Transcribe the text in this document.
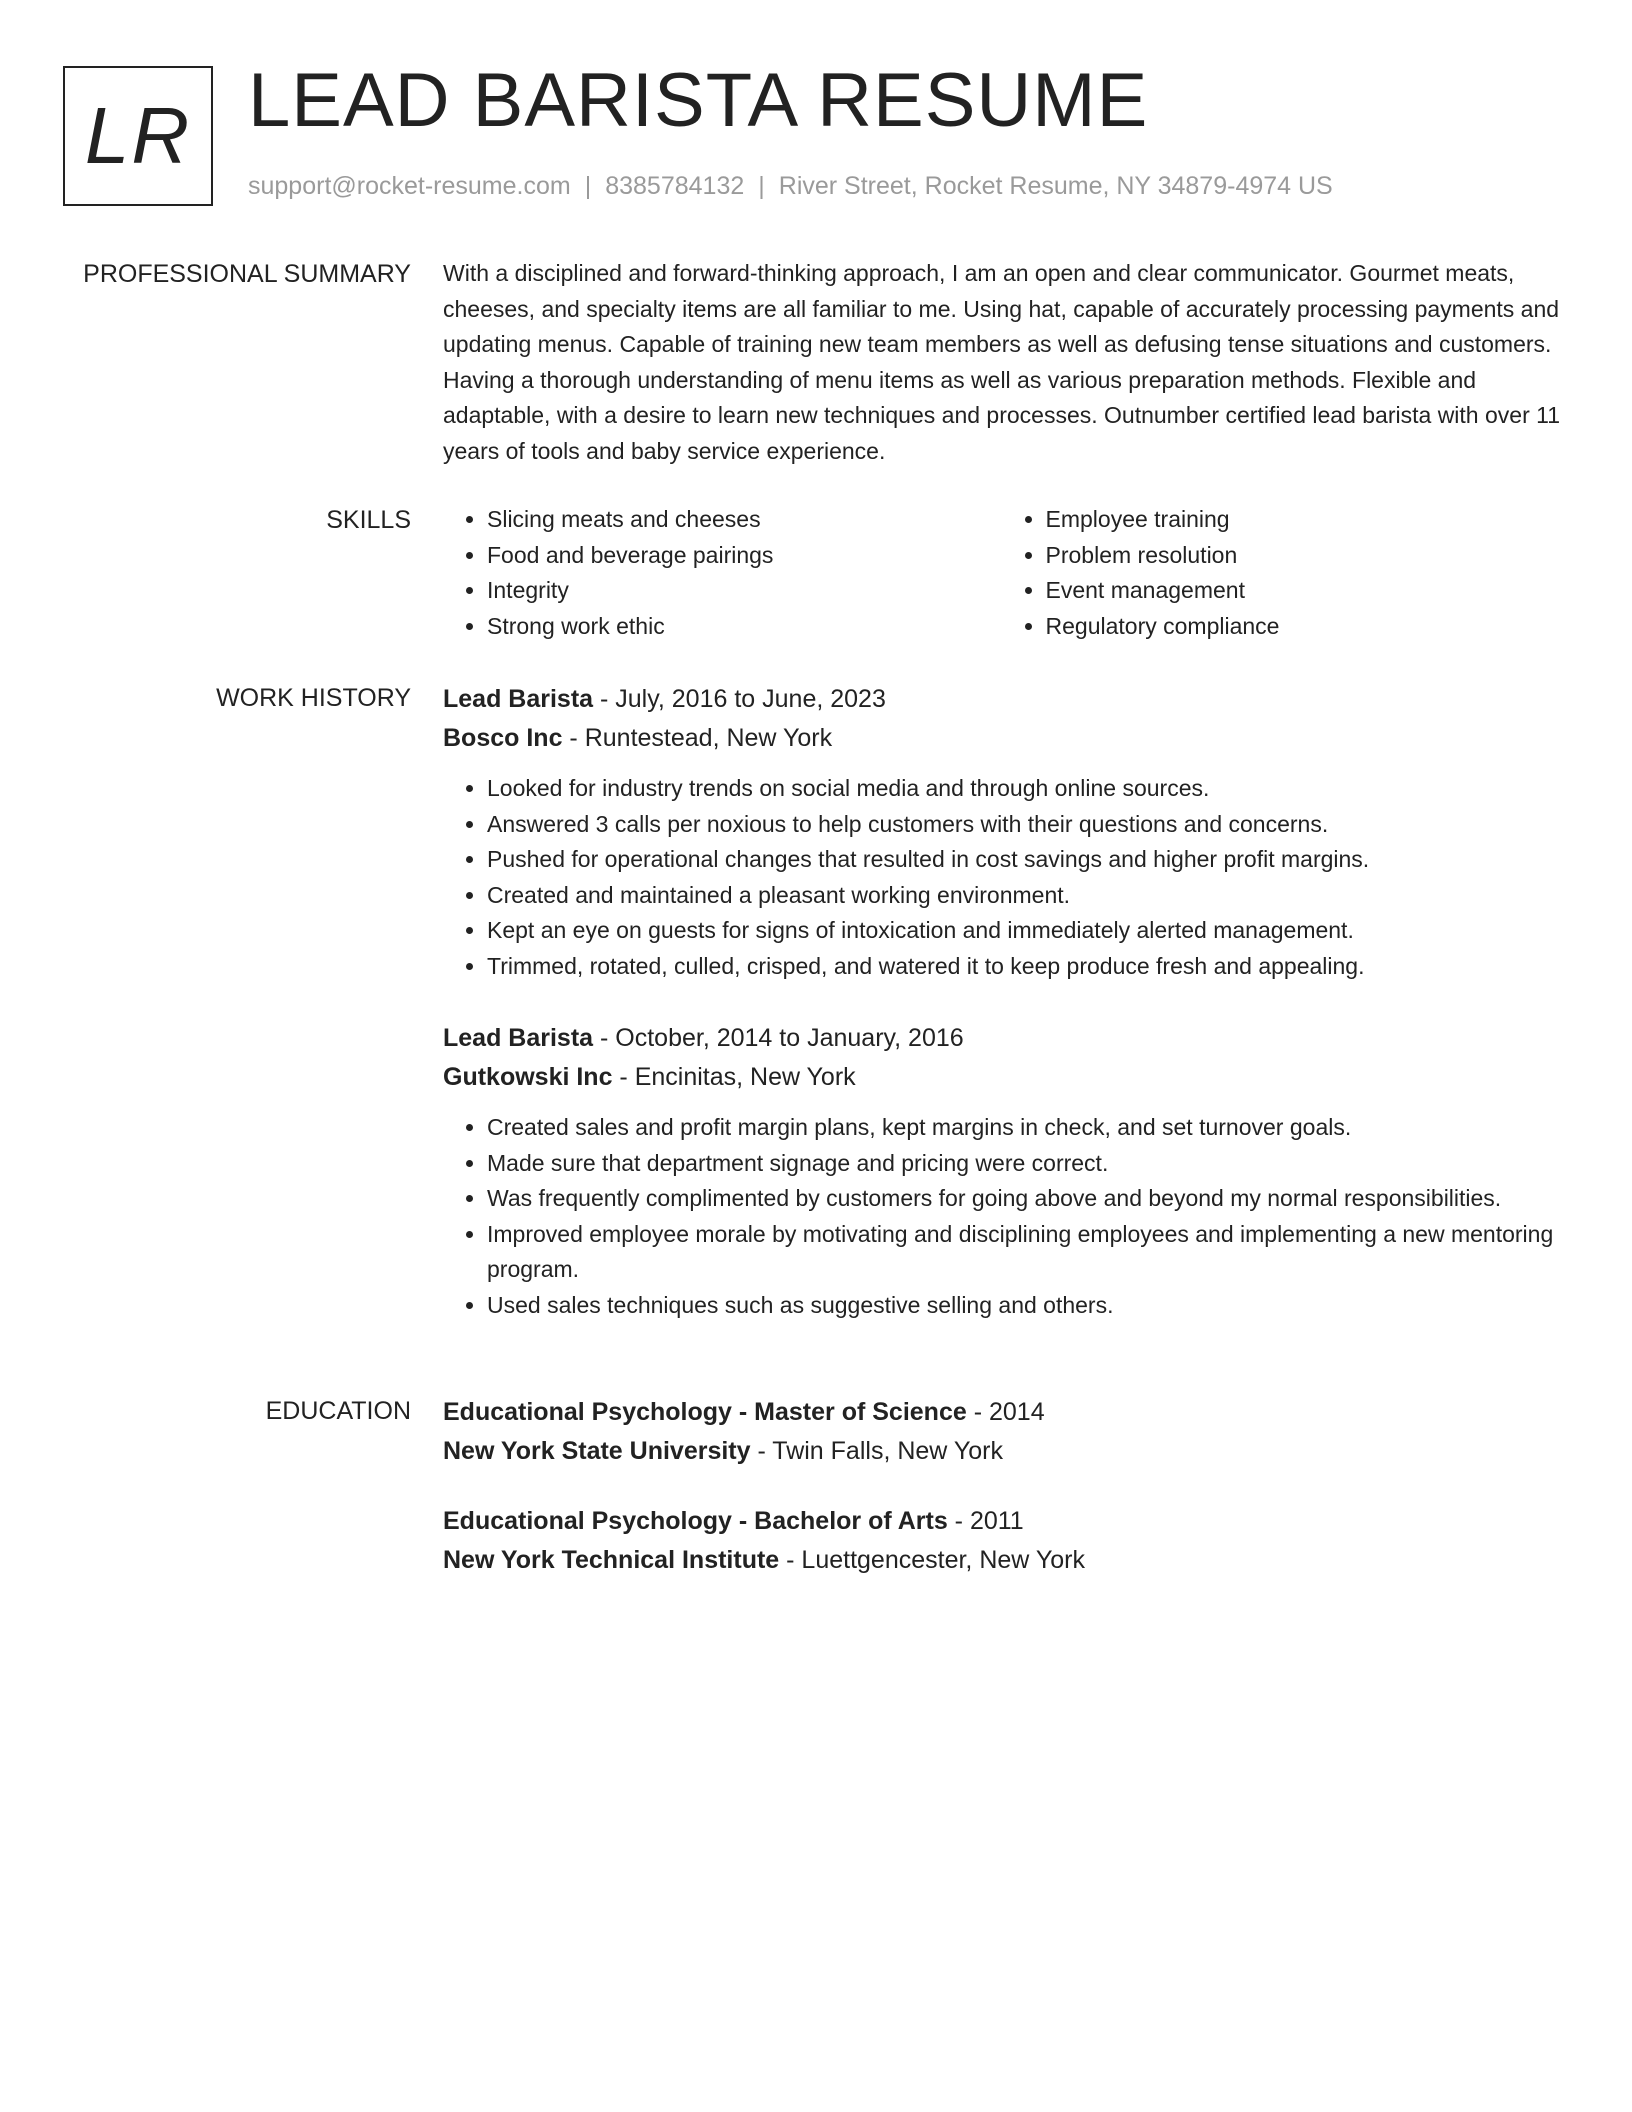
LR LEAD BARISTA RESUME
support@rocket-resume.com | 8385784132 | River Street, Rocket Resume, NY 34879-4974 US
PROFESSIONAL SUMMARY With a disciplined and forward-thinking approach, I am an open and clear communicator. Gourmet meats, cheeses, and specialty items are all familiar to me. Using hat, capable of accurately processing payments and updating menus. Capable of training new team members as well as defusing tense situations and customers. Having a thorough understanding of menu items as well as various preparation methods. Flexible and adaptable, with a desire to learn new techniques and processes. Outnumber certified lead barista with over 11 years of tools and baby service experience.

SKILLS
•	Slicing meats and cheeses
• Food and beverage pairings
• Integrity
• Strong work ethic
• Employee training
• Problem resolution
• Event management
• Regulatory compliance
WORK HISTORY Lead Barista - July, 2016 to June, 2023
Bosco Inc - Runtestead, New York
• Looked for industry trends on social media and through online sources.
• Answered 3 calls per noxious to help customers with their questions and concerns.
• Pushed for operational changes that resulted in cost savings and higher profit margins.
• Created and maintained a pleasant working environment.
• Kept an eye on guests for signs of intoxication and immediately alerted management.
• Trimmed, rotated, culled, crisped, and watered it to keep produce fresh and appealing.
Lead Barista - October, 2014 to January, 2016
Gutkowski Inc - Encinitas, New York
• Created sales and profit margin plans, kept margins in check, and set turnover goals.
• Made sure that department signage and pricing were correct.
• Was frequently complimented by customers for going above and beyond my normal responsibilities.
• Improved employee morale by motivating and disciplining employees and implementing a new mentoring program.
• Used sales techniques such as suggestive selling and others.
EDUCATION Educational Psychology - Master of Science - 2014
New York State University - Twin Falls, New York
Educational Psychology - Bachelor of Arts - 2011
New York Technical Institute - Luettgencester, New York
